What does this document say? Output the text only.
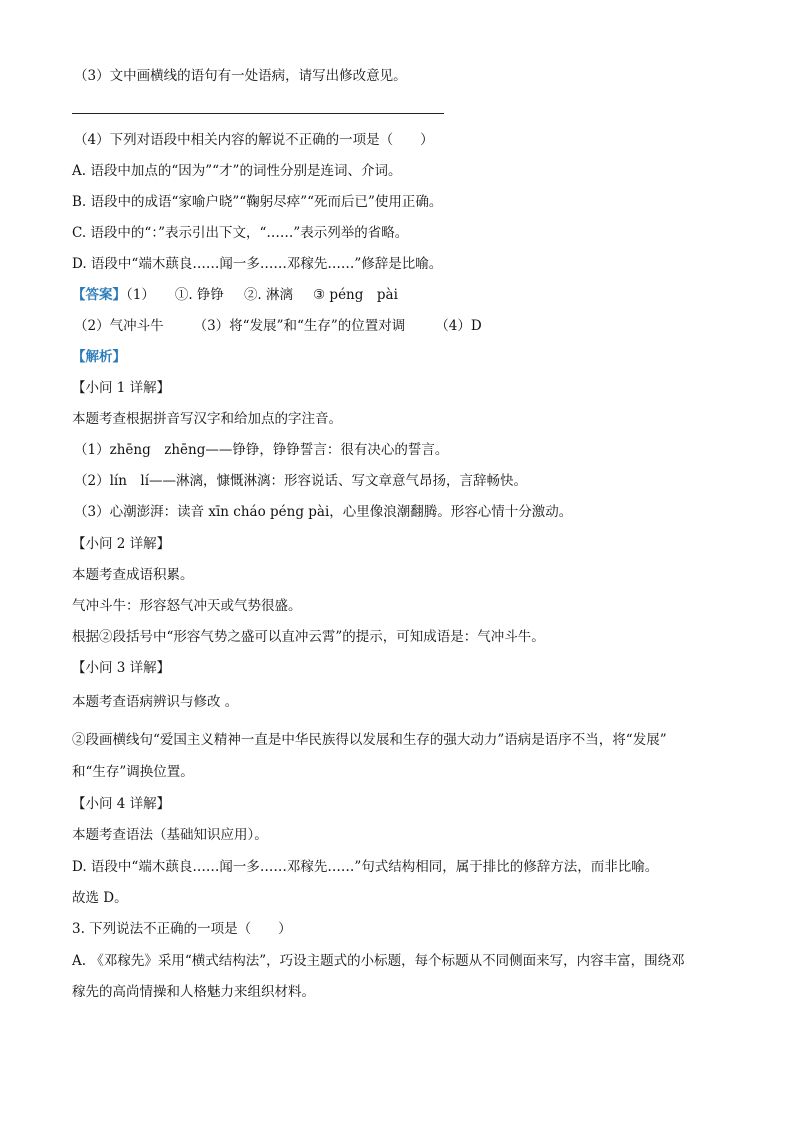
（3）文中画横线的语句有一处语病，请写出修改意见。
（4）下列对语段中相关内容的解说不正确的一项是（　　）
A. 语段中加点的“因为”“才”的词性分别是连词、介词。
B. 语段中的成语“家喻户晓”“鞠躬尽瘁”“死而后已”使用正确。
C. 语段中的“：”表示引出下文，“……”表示列举的省略。
D. 语段中“端木蕻良……闻一多……邓稼先……”修辞是比喻。
【答案】（1） ①. 铮铮 ②. 淋漓 ③ péng　pài
（2）气冲斗牛 （3）将“发展”和“生存”的位置对调 （4）D
【解析】
【小问 1 详解】
本题考查根据拼音写汉字和给加点的字注音。
（1）zhēng　zhēng——铮铮，铮铮誓言：很有决心的誓言。
（2）lín　lí——淋漓，慷慨淋漓：形容说话、写文章意气昂扬，言辞畅快。
（3）心潮澎湃：读音 xīn cháo péng pài，心里像浪潮翻腾。形容心情十分激动。
【小问 2 详解】
本题考查成语积累。
气冲斗牛：形容怒气冲天或气势很盛。
根据②段括号中“形容气势之盛可以直冲云霄”的提示，可知成语是：气冲斗牛。
【小问 3 详解】
本题考查语病辨识与修改 。
②段画横线句“爱国主义精神一直是中华民族得以发展和生存的强大动力”语病是语序不当，将“发展”
和“生存”调换位置。
【小问 4 详解】
本题考查语法（基础知识应用）。
D. 语段中“端木蕻良……闻一多……邓稼先……”句式结构相同，属于排比的修辞方法，而非比喻。
故选 D。
3. 下列说法不正确的一项是（　　）
A. 《邓稼先》采用“横式结构法”，巧设主题式的小标题，每个标题从不同侧面来写，内容丰富，围绕邓
稼先的高尚情操和人格魅力来组织材料。
